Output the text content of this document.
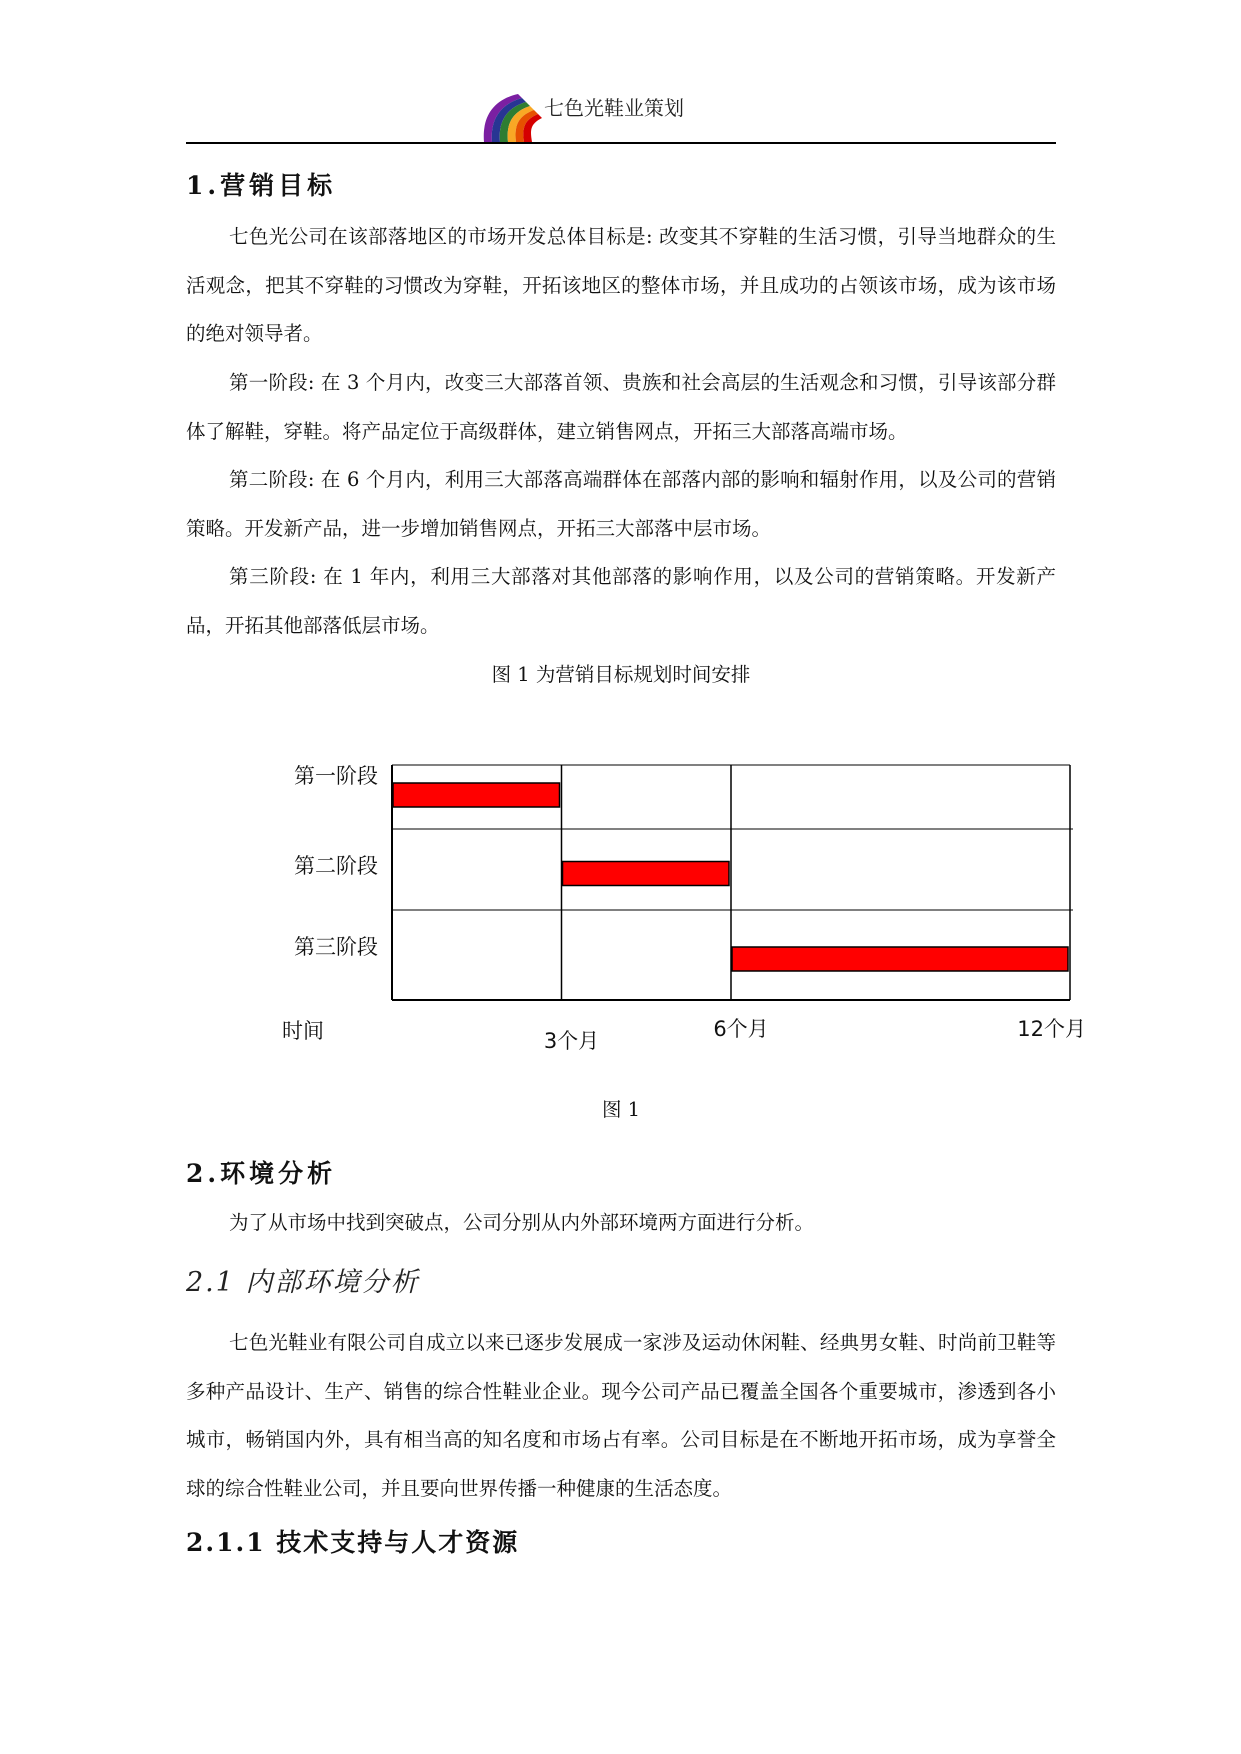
七色光鞋业策划
1.营销目标

七色光公司在该部落地区的市场开发总体目标是: 改变其不穿鞋的生活习惯，引导当地群众的生活观念，把其不穿鞋的习惯改为穿鞋，开拓该地区的整体市场，并且成功的占领该市场，成为该市场的绝对领导者。

第一阶段: 在 3 个月内，改变三大部落首领、贵族和社会高层的生活观念和习惯，引导该部分群体了解鞋，穿鞋。将产品定位于高级群体，建立销售网点，开拓三大部落高端市场。

第二阶段: 在 6 个月内，利用三大部落高端群体在部落内部的影响和辐射作用，以及公司的营销策略。开发新产品，进一步增加销售网点，开拓三大部落中层市场。

第三阶段: 在 1 年内，利用三大部落对其他部落的影响作用，以及公司的营销策略。开发新产品，开拓其他部落低层市场。

图 1 为营销目标规划时间安排
第一阶段
第二阶段
第三阶段
时间	3个月	6个月	12个月
图 1
2.环境分析

为了从市场中找到突破点，公司分别从内外部环境两方面进行分析。

2.1 内部环境分析

七色光鞋业有限公司自成立以来已逐步发展成一家涉及运动休闲鞋、经典男女鞋、时尚前卫鞋等多种产品设计、生产、销售的综合性鞋业企业。现今公司产品已覆盖全国各个重要城市，渗透到各小城市，畅销国内外，具有相当高的知名度和市场占有率。公司目标是在不断地开拓市场，成为享誉全球的综合性鞋业公司，并且要向世界传播一种健康的生活态度。

2.1.1 技术支持与人才资源
